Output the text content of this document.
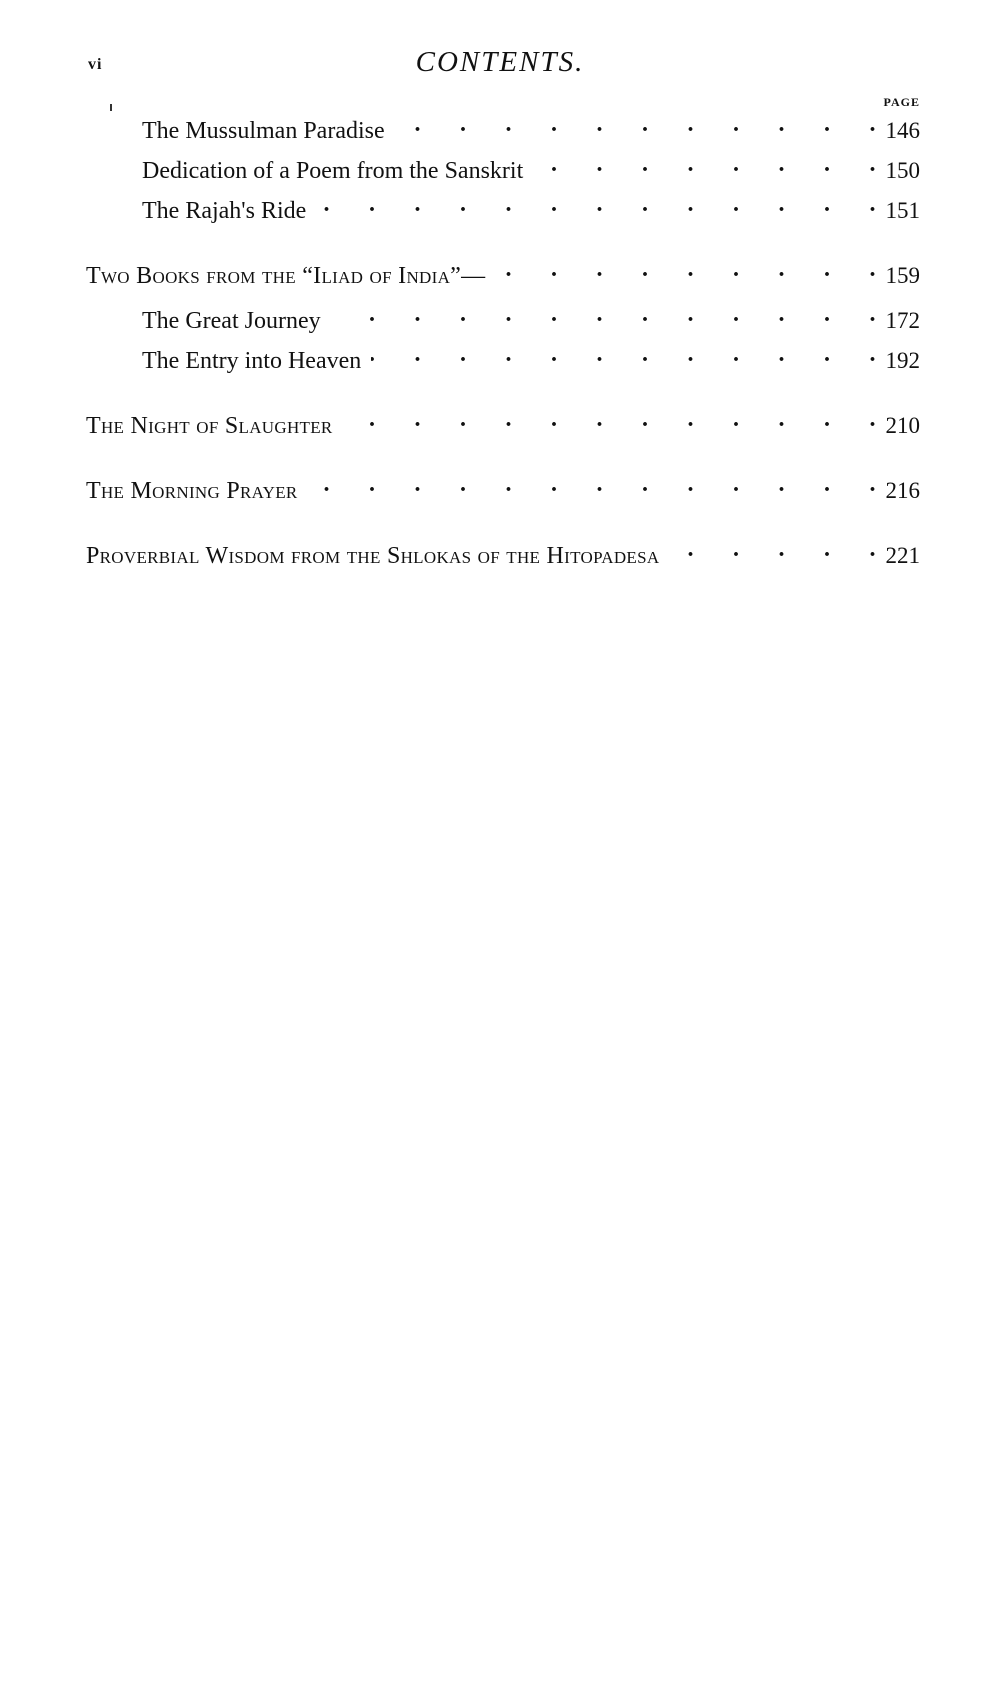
vi	CONTENTS.
PAGE
The Mussulman Paradise .	146
Dedication of a Poem from the Sanskrit .	150
The Rajah's Ride .	151
Two Books from the “Iliad of India”— .	159
The Great Journey .	172
The Entry into Heaven .	192
The Night of Slaughter .	210
The Morning Prayer .	216
Proverbial Wisdom from the Shlokas of the Hitopadesa .	221
